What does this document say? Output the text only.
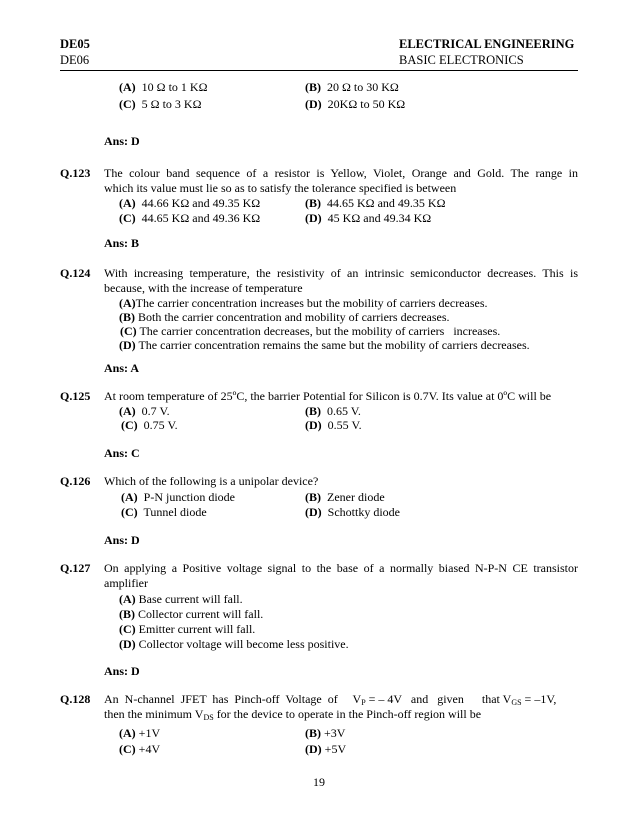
DE05
DE06
ELECTRICAL ENGINEERING
BASIC ELECTRONICS
(A) 10 Ω to 1 KΩ	(B) 20 Ω to 30 KΩ
(C) 5 Ω to 3 KΩ	(D) 20KΩ to 50 KΩ
Ans: D
Q.123 The colour band sequence of a resistor is Yellow, Violet, Orange and Gold. The range in
which its value must lie so as to satisfy the tolerance specified is between
(A) 44.66 KΩ and 49.35 KΩ	(B) 44.65 KΩ and 49.35 KΩ
(C) 44.65 KΩ and 49.36 KΩ	(D) 45 KΩ and 49.34 KΩ
Ans: B
Q.124 With increasing temperature, the resistivity of an intrinsic semiconductor decreases. This is
because, with the increase of temperature
(A)The carrier concentration increases but the mobility of carriers decreases.
(B) Both the carrier concentration and mobility of carriers decreases.
(C) The carrier concentration decreases, but the mobility of carriers   increases.
(D) The carrier concentration remains the same but the mobility of carriers decreases.
Ans: A
Q.125 At room temperature of 25ºC, the barrier Potential for Silicon is 0.7V. Its value at 0ºC will be
(A) 0.7 V.	(B) 0.65 V.
(C) 0.75 V.	(D) 0.55 V.
Ans: C
Q.126 Which of the following is a unipolar device?
(A) P-N junction diode	(B) Zener diode
(C) Tunnel diode	(D) Schottky diode
Ans: D
Q.127 On applying a Positive voltage signal to the base of a normally biased N-P-N CE transistor
amplifier
(A) Base current will fall.
(B) Collector current will fall.
(C) Emitter current will fall.
(D) Collector voltage will become less positive.
Ans: D
Q.128 An  N-channel  JFET  has  Pinch-off  Voltage  of     $V_P$ = – 4V   and   given      that $V_{GS} = -1V$,
then the minimum $V_{DS}$ for the device to operate in the Pinch-off region will be
(A) +1V	(B) +3V
(C) +4V	(D) +5V
19
